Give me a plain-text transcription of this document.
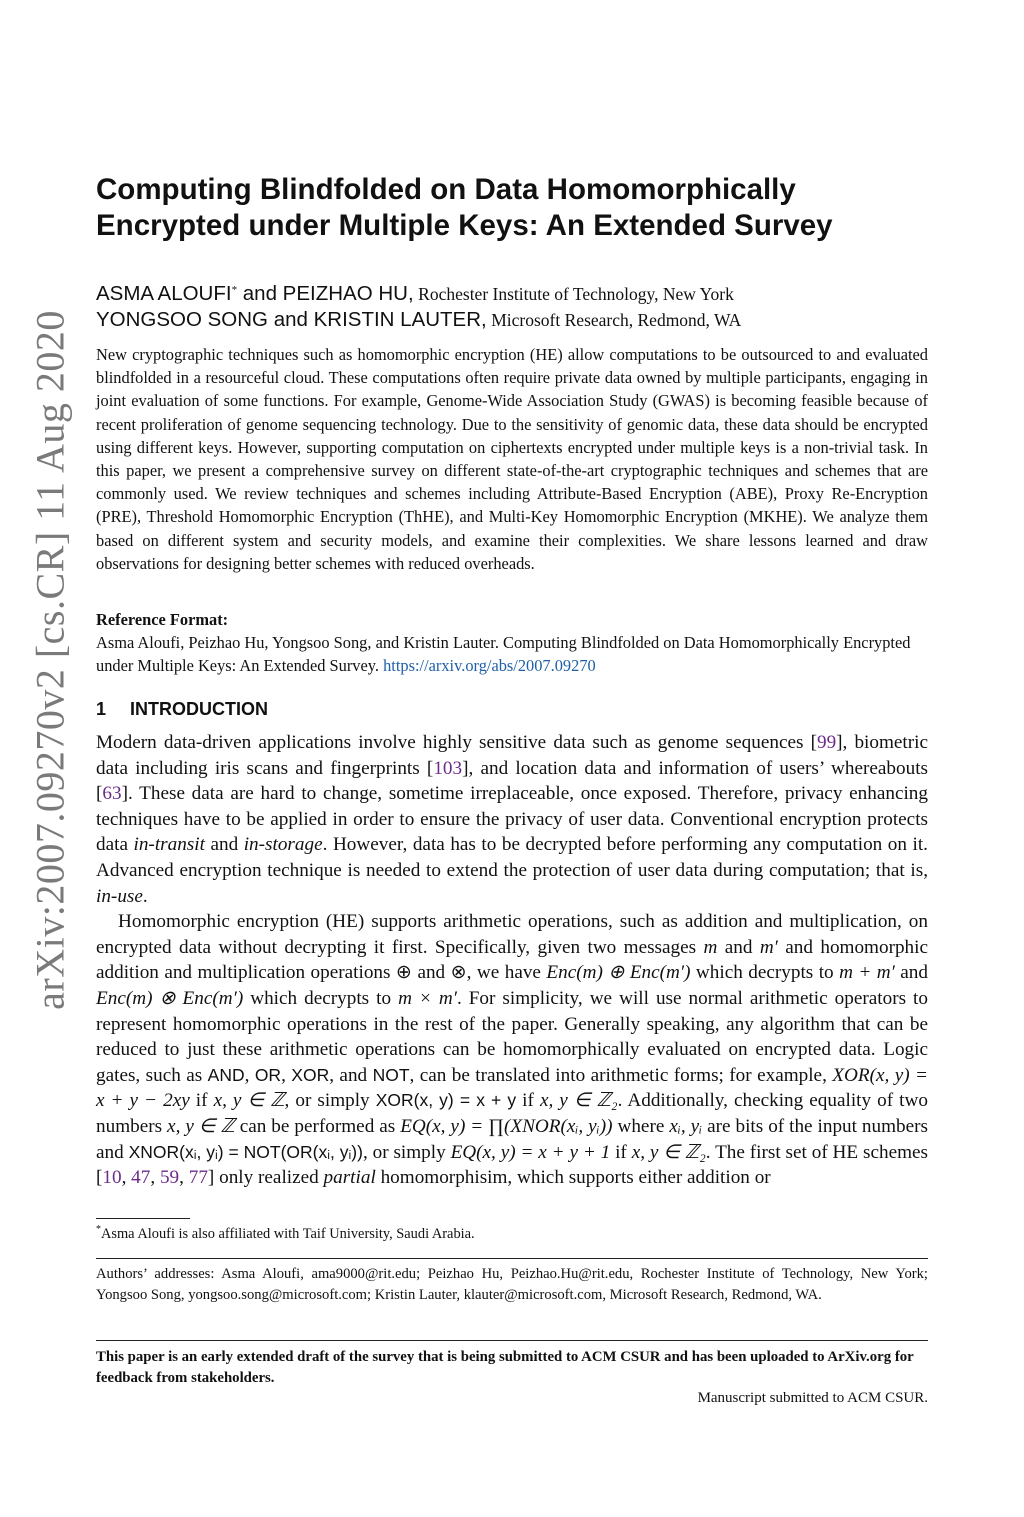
arXiv:2007.09270v2 [cs.CR] 11 Aug 2020
Computing Blindfolded on Data Homomorphically
Encrypted under Multiple Keys: An Extended Survey
ASMA ALOUFI* and PEIZHAO HU, Rochester Institute of Technology, New York
YONGSOO SONG and KRISTIN LAUTER, Microsoft Research, Redmond, WA

New cryptographic techniques such as homomorphic encryption (HE) allow computations to be outsourced to and evaluated blindfolded in a resourceful cloud. These computations often require private data owned by multiple participants, engaging in joint evaluation of some functions. For example, Genome-Wide Association Study (GWAS) is becoming feasible because of recent proliferation of genome sequencing technology. Due to the sensitivity of genomic data, these data should be encrypted using different keys. However, supporting computation on ciphertexts encrypted under multiple keys is a non-trivial task. In this paper, we present a comprehensive survey on different state-of-the-art cryptographic techniques and schemes that are commonly used. We review techniques and schemes including Attribute-Based Encryption (ABE), Proxy Re-Encryption (PRE), Threshold Homomorphic Encryption (ThHE), and Multi-Key Homomorphic Encryption (MKHE). We analyze them based on different system and security models, and examine their complexities. We share lessons learned and draw observations for designing better schemes with reduced overheads.

Reference Format:
Asma Aloufi, Peizhao Hu, Yongsoo Song, and Kristin Lauter. Computing Blindfolded on Data Homomorphically Encrypted under Multiple Keys: An Extended Survey. https://arxiv.org/abs/2007.09270
1 INTRODUCTION

Modern data-driven applications involve highly sensitive data such as genome sequences [99], biometric data including iris scans and fingerprints [103], and location data and information of users’ whereabouts [63]. These data are hard to change, sometime irreplaceable, once exposed. Therefore, privacy enhancing techniques have to be applied in order to ensure the privacy of user data. Conventional encryption protects data in-transit and in-storage. However, data has to be decrypted before performing any computation on it. Advanced encryption technique is needed to extend the protection of user data during computation; that is, in-use.

Homomorphic encryption (HE) supports arithmetic operations, such as addition and multiplication, on encrypted data without decrypting it first. Specifically, given two messages m and m′ and homomorphic addition and multiplication operations ⊕ and ⊗, we have Enc(m) ⊕ Enc(m′) which decrypts to m + m′ and Enc(m) ⊗ Enc(m′) which decrypts to m × m′. For simplicity, we will use normal arithmetic operators to represent homomorphic operations in the rest of the paper. Generally speaking, any algorithm that can be reduced to just these arithmetic operations can be homomorphically evaluated on encrypted data. Logic gates, such as AND, OR, XOR, and NOT, can be translated into arithmetic forms; for example, XOR(x, y) = x + y − 2xy if x, y ∈ ℤ, or simply XOR(x, y) = x + y if x, y ∈ ℤ₂. Additionally, checking equality of two numbers x, y ∈ ℤ can be performed as EQ(x, y) = ∏(XNOR(xᵢ, yᵢ)) where xᵢ, yᵢ are bits of the input numbers and XNOR(xᵢ, yᵢ) = NOT(OR(xᵢ, yᵢ)), or simply EQ(x, y) = x + y + 1 if x, y ∈ ℤ₂. The first set of HE schemes [10, 47, 59, 77] only realized partial homomorphisim, which supports either addition or

*Asma Aloufi is also affiliated with Taif University, Saudi Arabia.
Authors’ addresses: Asma Aloufi, ama9000@rit.edu; Peizhao Hu, Peizhao.Hu@rit.edu, Rochester Institute of Technology, New York; Yongsoo Song, yongsoo.song@microsoft.com; Kristin Lauter, klauter@microsoft.com, Microsoft Research, Redmond, WA.
This paper is an early extended draft of the survey that is being submitted to ACM CSUR and has been uploaded to ArXiv.org for feedback from stakeholders.
Manuscript submitted to ACM CSUR.
